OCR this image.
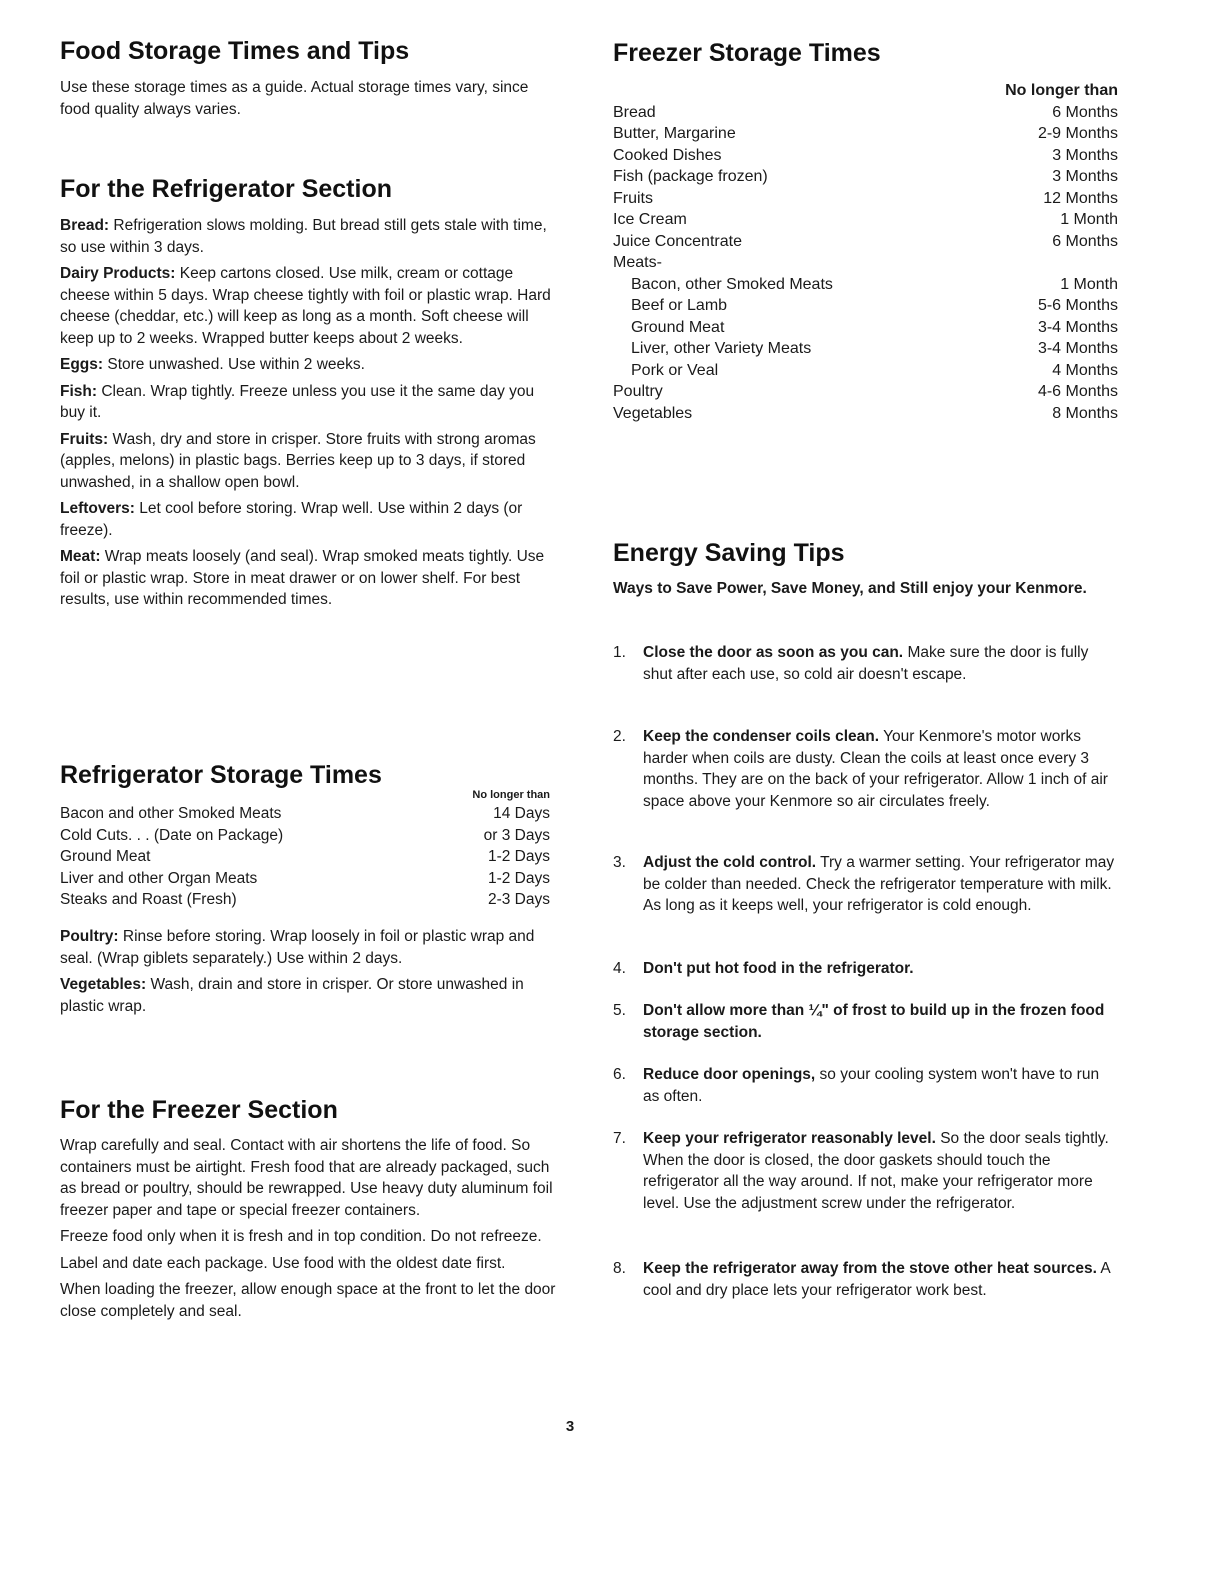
Food Storage Times and Tips

Use these storage times as a guide. Actual storage times vary, since food quality always varies.

For the Refrigerator Section

Bread: Refrigeration slows molding. But bread still gets stale with time, so use within 3 days.

Dairy Products: Keep cartons closed. Use milk, cream or cottage cheese within 5 days. Wrap cheese tightly with foil or plastic wrap. Hard cheese (cheddar, etc.) will keep as long as a month. Soft cheese will keep up to 2 weeks. Wrapped butter keeps about 2 weeks.

Eggs: Store unwashed. Use within 2 weeks.

Fish: Clean. Wrap tightly. Freeze unless you use it the same day you buy it.

Fruits: Wash, dry and store in crisper. Store fruits with strong aromas (apples, melons) in plastic bags. Berries keep up to 3 days, if stored unwashed, in a shallow open bowl.

Leftovers: Let cool before storing. Wrap well. Use within 2 days (or freeze).

Meat: Wrap meats loosely (and seal). Wrap smoked meats tightly. Use foil or plastic wrap. Store in meat drawer or on lower shelf. For best results, use within recommended times.

Refrigerator Storage Times
No longer than
Bacon and other Smoked Meats	14 Days
Cold Cuts. . . (Date on Package)	or 3 Days
Ground Meat	1-2 Days
Liver and other Organ Meats	1-2 Days
Steaks and Roast (Fresh)	2-3 Days

Poultry: Rinse before storing. Wrap loosely in foil or plastic wrap and seal. (Wrap giblets separately.) Use within 2 days.

Vegetables: Wash, drain and store in crisper. Or store unwashed in plastic wrap.

For the Freezer Section

Wrap carefully and seal. Contact with air shortens the life of food. So containers must be airtight. Fresh food that are already packaged, such as bread or poultry, should be rewrapped. Use heavy duty aluminum foil freezer paper and tape or special freezer containers.

Freeze food only when it is fresh and in top condition. Do not refreeze.

Label and date each package. Use food with the oldest date first.

When loading the freezer, allow enough space at the front to let the door close completely and seal.

Freezer Storage Times
No longer than
Bread	6 Months
Butter, Margarine	2-9 Months
Cooked Dishes	3 Months
Fish (package frozen)	3 Months
Fruits	12 Months
Ice Cream	1 Month
Juice Concentrate	6 Months
Meats-
Bacon, other Smoked Meats	1 Month
Beef or Lamb	5-6 Months
Ground Meat	3-4 Months
Liver, other Variety Meats	3-4 Months
Pork or Veal	4 Months
Poultry	4-6 Months
Vegetables	8 Months
Energy Saving Tips

Ways to Save Power, Save Money, and Still enjoy your Kenmore.

1.	Close the door as soon as you can. Make sure the door is fully shut after each use, so cold air doesn't escape.
2.	Keep the condenser coils clean. Your Kenmore's motor works harder when coils are dusty. Clean the coils at least once every 3 months. They are on the back of your refrigerator. Allow 1 inch of air space above your Kenmore so air circulates freely.
3.	Adjust the cold control. Try a warmer setting. Your refrigerator may be colder than needed. Check the refrigerator temperature with milk. As long as it keeps well, your refrigerator is cold enough.
4.	Don't put hot food in the refrigerator.
5.	Don't allow more than ¼" of frost to build up in the frozen food storage section.
6.	Reduce door openings, so your cooling system won't have to run as often.
7.	Keep your refrigerator reasonably level. So the door seals tightly. When the door is closed, the door gaskets should touch the refrigerator all the way around. If not, make your refrigerator more level. Use the adjustment screw under the refrigerator.
8.	Keep the refrigerator away from the stove other heat sources. A cool and dry place lets your refrigerator work best.
3
